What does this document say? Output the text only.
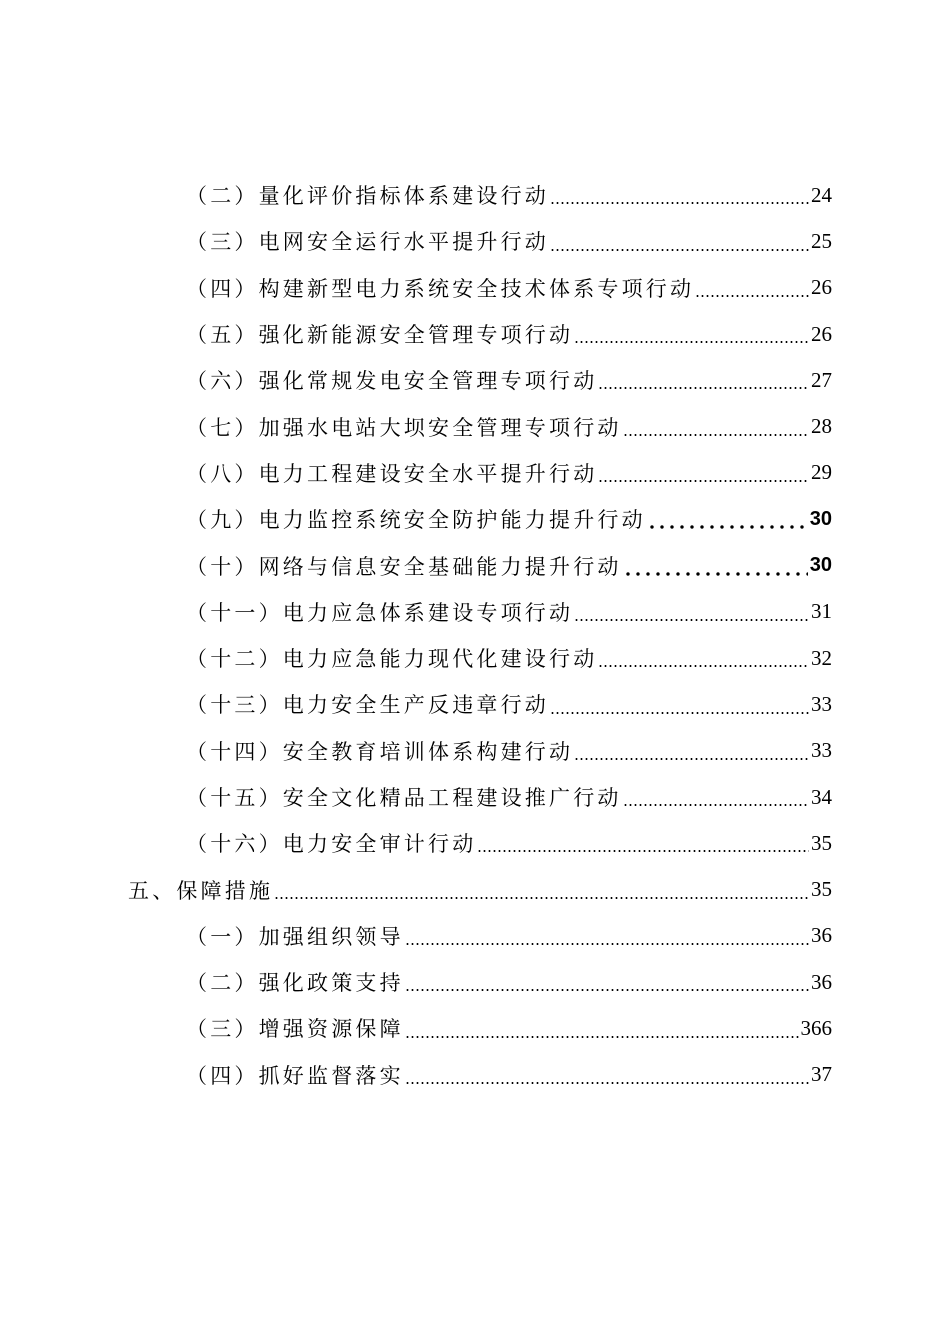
（二）量化评价指标体系建设行动	24
（三）电网安全运行水平提升行动	25
（四）构建新型电力系统安全技术体系专项行动	26
（五）强化新能源安全管理专项行动	26
（六）强化常规发电安全管理专项行动	27
（七）加强水电站大坝安全管理专项行动	28
（八）电力工程建设安全水平提升行动	29
（九）电力监控系统安全防护能力提升行动	30
（十）网络与信息安全基础能力提升行动	30
（十一）电力应急体系建设专项行动	31
（十二）电力应急能力现代化建设行动	32
（十三）电力安全生产反违章行动	33
（十四）安全教育培训体系构建行动	33
（十五）安全文化精品工程建设推广行动	34
（十六）电力安全审计行动	35
五、保障措施	35
（一）加强组织领导	36
（二）强化政策支持	36
（三）增强资源保障	366
（四）抓好监督落实	37
